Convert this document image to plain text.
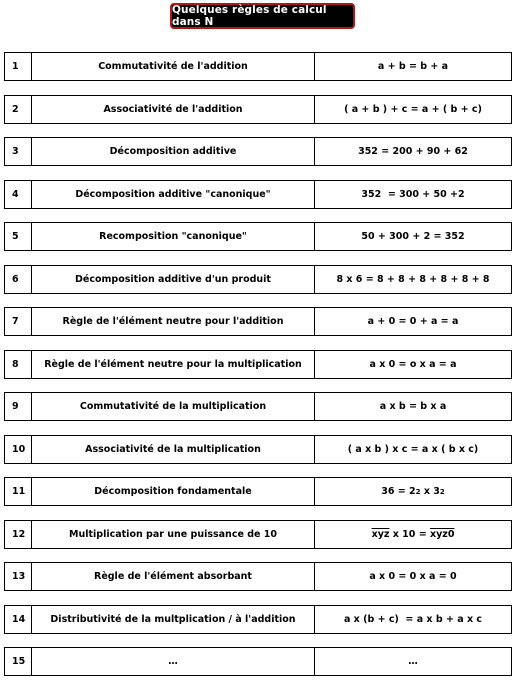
Quelques règles de calcul dans N
1	Commutativité de l'addition	a + b = b + a
2	Associativité de l'addition	( a + b ) + c = a + ( b + c)
3	Décomposition additive	352 = 200 + 90 + 62
4	Décomposition additive "canonique"	352  = 300 + 50 +2
5	Recomposition "canonique"	50 + 300 + 2 = 352
6	Décomposition additive d'un produit	8 x 6 = 8 + 8 + 8 + 8 + 8 + 8
7	Règle de l'élément neutre pour l'addition	a + 0 = 0 + a = a
8	Règle de l'élément neutre pour la multiplication	a x 0 = o x a = a
9	Commutativité de la multiplication	a x b = b x a
10	Associativité de la multiplication	( a x b ) x c = a x ( b x c)
11	Décomposition fondamentale	36 = 2 2 x 3 2
12	Multiplication par une puissance de 10	$\overline{xyz}$ x 10 = xyz0
13	Règle de l'élément absorbant	a x 0 = 0 x a = 0
14	Distributivité de la multplication / à l'addition	a x (b + c)  = a x b + a x c
15	…	…
